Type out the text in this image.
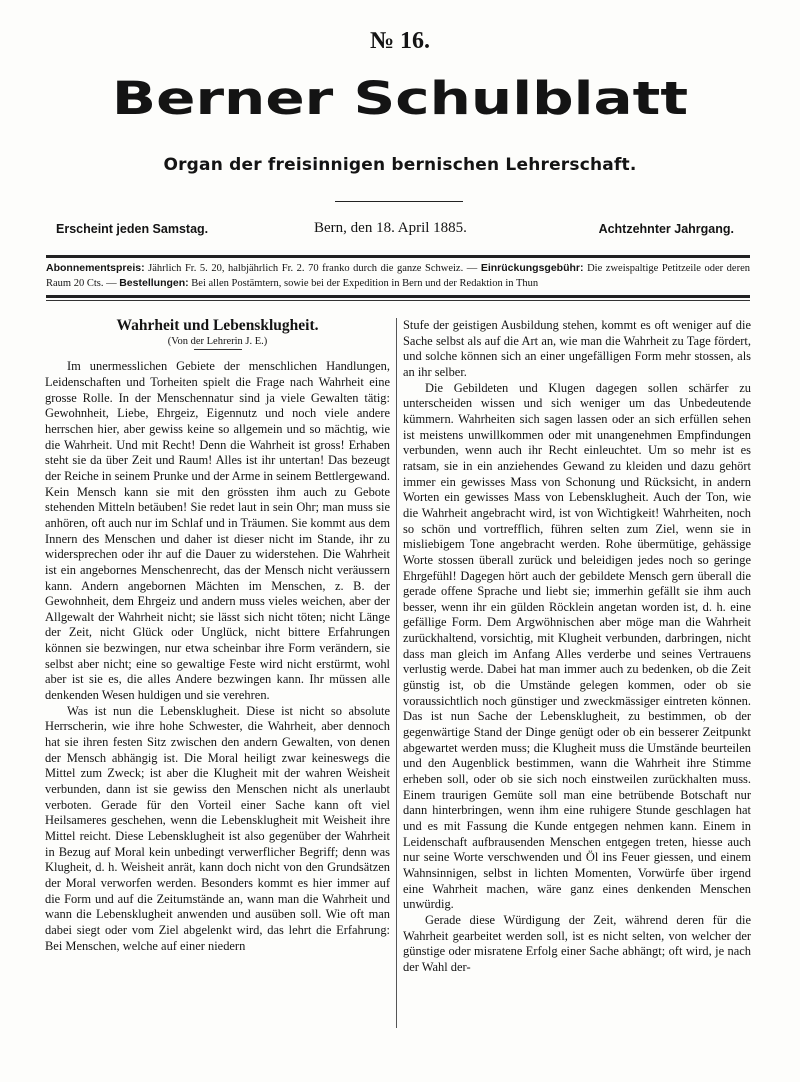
№ 16.
Berner Schulblatt
Organ der freisinnigen bernischen Lehrerschaft.
Erscheint jeden Samstag.	Bern, den 18. April 1885.	Achtzehnter Jahrgang.
Abonnementspreis: Jährlich Fr. 5. 20, halbjährlich Fr. 2. 70 franko durch die ganze Schweiz. — Einrückungsgebühr: Die zweispaltige Petitzeile oder deren Raum 20 Cts. — Bestellungen: Bei allen Postämtern, sowie bei der Expedition in Bern und der Redaktion in Thun

Wahrheit und Lebensklugheit.

(Von der Lehrerin J. E.)

Im unermesslichen Gebiete der menschlichen Handlungen, Leidenschaften und Torheiten spielt die Frage nach Wahrheit eine grosse Rolle. In der Menschennatur sind ja viele Gewalten tätig: Gewohnheit, Liebe, Ehrgeiz, Eigennutz und noch viele andere herrschen hier, aber gewiss keine so allgemein und so mächtig, wie die Wahrheit. Und mit Recht! Denn die Wahrheit ist gross! Erhaben steht sie da über Zeit und Raum! Alles ist ihr untertan! Das bezeugt der Reiche in seinem Prunke und der Arme in seinem Bettlergewand. Kein Mensch kann sie mit den grössten ihm auch zu Gebote stehenden Mitteln betäuben! Sie redet laut in sein Ohr; man muss sie anhören, oft auch nur im Schlaf und in Träumen. Sie kommt aus dem Innern des Menschen und daher ist dieser nicht im Stande, ihr zu widersprechen oder ihr auf die Dauer zu widerstehen. Die Wahrheit ist ein angebornes Menschenrecht, das der Mensch nicht veräussern kann. Andern angebornen Mächten im Menschen, z. B. der Gewohnheit, dem Ehrgeiz und andern muss vieles weichen, aber der Allgewalt der Wahrheit nicht; sie lässt sich nicht töten; nicht Länge der Zeit, nicht Glück oder Unglück, nicht bittere Erfahrungen können sie bezwingen, nur etwa scheinbar ihre Form verändern, sie selbst aber nicht; eine so gewaltige Feste wird nicht erstürmt, wohl aber ist sie es, die alles Andere bezwingen kann. Ihr müssen alle denkenden Wesen huldigen und sie verehren.

Was ist nun die Lebensklugheit. Diese ist nicht so absolute Herrscherin, wie ihre hohe Schwester, die Wahrheit, aber dennoch hat sie ihren festen Sitz zwischen den andern Gewalten, von denen der Mensch abhängig ist. Die Moral heiligt zwar keineswegs die Mittel zum Zweck; ist aber die Klugheit mit der wahren Weisheit verbunden, dann ist sie gewiss den Menschen nicht als unerlaubt verboten. Gerade für den Vorteil einer Sache kann oft viel Heilsameres geschehen, wenn die Lebensklugheit mit Weisheit ihre Mittel reicht. Diese Lebensklugheit ist also gegenüber der Wahrheit in Bezug auf Moral kein unbedingt verwerflicher Begriff; denn was Klugheit, d. h. Weisheit anrät, kann doch nicht von den Grundsätzen der Moral verworfen werden. Besonders kommt es hier immer auf die Form und auf die Zeitumstände an, wann man die Wahrheit und wann die Lebensklugheit anwenden und ausüben soll. Wie oft man dabei siegt oder vom Ziel abgelenkt wird, das lehrt die Erfahrung: Bei Menschen, welche auf einer niedern

Stufe der geistigen Ausbildung stehen, kommt es oft weniger auf die Sache selbst als auf die Art an, wie man die Wahrheit zu Tage fördert, und solche können sich an einer ungefälligen Form mehr stossen, als an ihr selber.

Die Gebildeten und Klugen dagegen sollen schärfer zu unterscheiden wissen und sich weniger um das Unbedeutende kümmern. Wahrheiten sich sagen lassen oder an sich erfüllen sehen ist meistens unwillkommen oder mit unangenehmen Empfindungen verbunden, wenn auch ihr Recht einleuchtet. Um so mehr ist es ratsam, sie in ein anziehendes Gewand zu kleiden und dazu gehört immer ein gewisses Mass von Schonung und Rücksicht, in andern Worten ein gewisses Mass von Lebensklugheit. Auch der Ton, wie die Wahrheit angebracht wird, ist von Wichtigkeit! Wahrheiten, noch so schön und vortrefflich, führen selten zum Ziel, wenn sie in misliebigem Tone angebracht werden. Rohe übermütige, gehässige Worte stossen überall zurück und beleidigen jedes noch so geringe Ehrgefühl! Dagegen hört auch der gebildete Mensch gern überall die gerade offene Sprache und liebt sie; immerhin gefällt sie ihm auch besser, wenn ihr ein gülden Röcklein angetan worden ist, d. h. eine gefällige Form. Dem Argwöhnischen aber möge man die Wahrheit zurückhaltend, vorsichtig, mit Klugheit verbunden, darbringen, nicht dass man gleich im Anfang Alles verderbe und seines Vertrauens verlustig werde. Dabei hat man immer auch zu bedenken, ob die Zeit günstig ist, ob die Umstände gelegen kommen, oder ob sie voraussichtlich noch günstiger und zweckmässiger eintreten können. Das ist nun Sache der Lebensklugheit, zu bestimmen, ob der gegenwärtige Stand der Dinge genügt oder ob ein besserer Zeitpunkt abgewartet werden muss; die Klugheit muss die Umstände beurteilen und den Augenblick bestimmen, wann die Wahrheit ihre Stimme erheben soll, oder ob sie sich noch einstweilen zurückhalten muss. Einem traurigen Gemüte soll man eine betrübende Botschaft nur dann hinterbringen, wenn ihm eine ruhigere Stunde geschlagen hat und es mit Fassung die Kunde entgegen nehmen kann. Einem in Leidenschaft aufbrausenden Menschen entgegen treten, hiesse auch nur seine Worte verschwenden und Öl ins Feuer giessen, und einem Wahnsinnigen, selbst in lichten Momenten, Vorwürfe über irgend eine Wahrheit machen, wäre ganz eines denkenden Menschen unwürdig.

Gerade diese Würdigung der Zeit, während deren für die Wahrheit gearbeitet werden soll, ist es nicht selten, von welcher der günstige oder misratene Erfolg einer Sache abhängt; oft wird, je nach der Wahl der-
